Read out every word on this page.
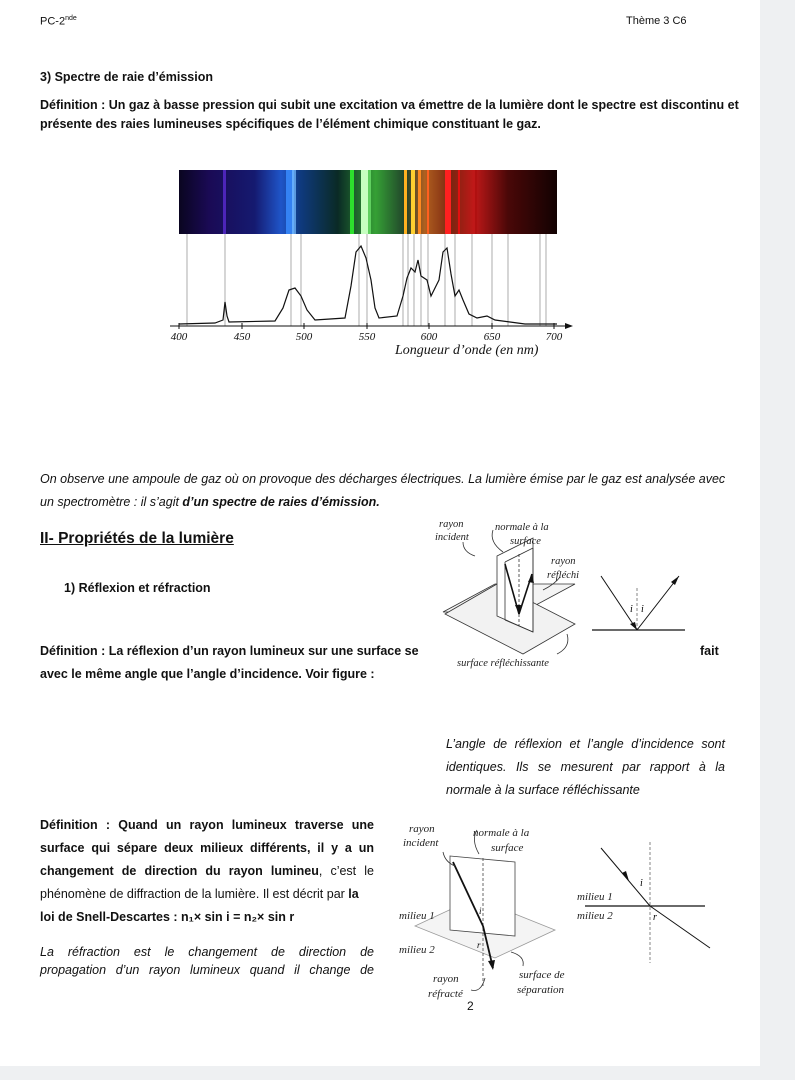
PC-2nde	Thème 3 C6
3) Spectre de raie d’émission
Définition : Un gaz à basse pression qui subit une excitation va émettre de la lumière dont le spectre est discontinu et
présente des raies lumineuses spécifiques de l’élément chimique constituant le gaz.
400	450	500	550	600	650	700
Longueur d’onde (en nm)
On observe une ampoule de gaz où on provoque des décharges électriques. La lumière émise par le gaz est analysée avec
un spectromètre : il s’agit d’un spectre de raies d’émission.
II- Propriétés de la lumière
1) Réflexion et réfraction
rayon
incident
normale à la
surface
rayon
réfléchi
surface réfléchissante
i i
Définition : La réflexion d’un rayon lumineux sur une surface se	fait
avec le même angle que l’angle d’incidence. Voir figure :
L’angle de réflexion et l’angle d’incidence sont
identiques. Ils se mesurent par rapport à la
normale à la surface réfléchissante
Définition : Quand un rayon lumineux traverse une
surface qui sépare deux milieux différents, il y a un
changement de direction du rayon lumineu, c’est le
phénomène de diffraction de la lumière. Il est décrit par la
loi de Snell-Descartes : n₁× sin i = n₂× sin r
La réfraction est le changement de direction de
propagation d’un rayon lumineux quand il change de
rayon
incident
normale à la
surface
milieu 1
milieu 2
rayon
réfracté
surface de
séparation
i
r
milieu 1
milieu 2
i
r
2
